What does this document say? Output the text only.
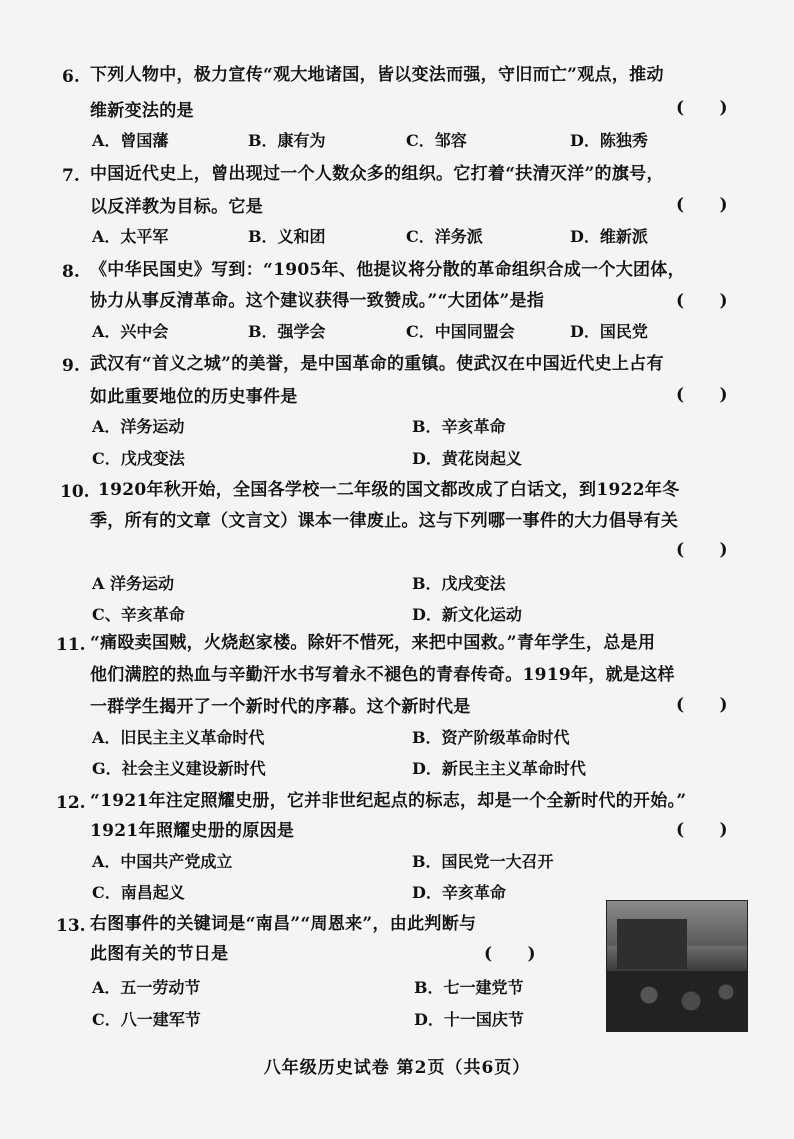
6. 下列人物中，极力宣传“观大地诸国，皆以变法而强，守旧而亡”观点，推动
维新变法的是	(      )
A．曾国藩	B．康有为	C．邹容	D．陈独秀
7. 中国近代史上，曾出现过一个人数众多的组织。它打着“扶清灭洋”的旗号，
以反洋教为目标。它是	(      )
A．太平军	B．义和团	C．洋务派	D．维新派
8. 《中华民国史》写到：“1905年、他提议将分散的革命组织合成一个大团体，
协力从事反清革命。这个建议获得一致赞成。”“大团体”是指	(      )
A．兴中会	B．强学会	C．中国同盟会	D．国民党
9. 武汉有“首义之城”的美誉，是中国革命的重镇。使武汉在中国近代史上占有
如此重要地位的历史事件是	(      )
A．洋务运动	B．辛亥革命
C．戊戌变法	D．黄花岗起义
10. 1920年秋开始，全国各学校一二年级的国文都改成了白话文，到1922年冬
季，所有的文章（文言文）课本一律废止。这与下列哪一事件的大力倡导有关
(      )
A 洋务运动	B．戊戌变法
C、辛亥革命	D．新文化运动
11. “痛殴卖国贼，火烧赵家楼。除奸不惜死，来把中国救。”青年学生，总是用
他们满腔的热血与辛勤汗水书写着永不褪色的青春传奇。1919年，就是这样
一群学生揭开了一个新时代的序幕。这个新时代是	(      )
A．旧民主主义革命时代	B．资产阶级革命时代
G．社会主义建设新时代	D．新民主主义革命时代
12. “1921年注定照耀史册，它并非世纪起点的标志，却是一个全新时代的开始。”
1921年照耀史册的原因是	(      )
A．中国共产党成立	B．国民党一大召开
C．南昌起义	D．辛亥革命
13. 右图事件的关键词是“南昌”“周恩来”，由此判断与
此图有关的节日是	(      )
A．五一劳动节	B．七一建党节
C．八一建军节	D．十一国庆节
八年级历史试卷 第2页（共6页）
